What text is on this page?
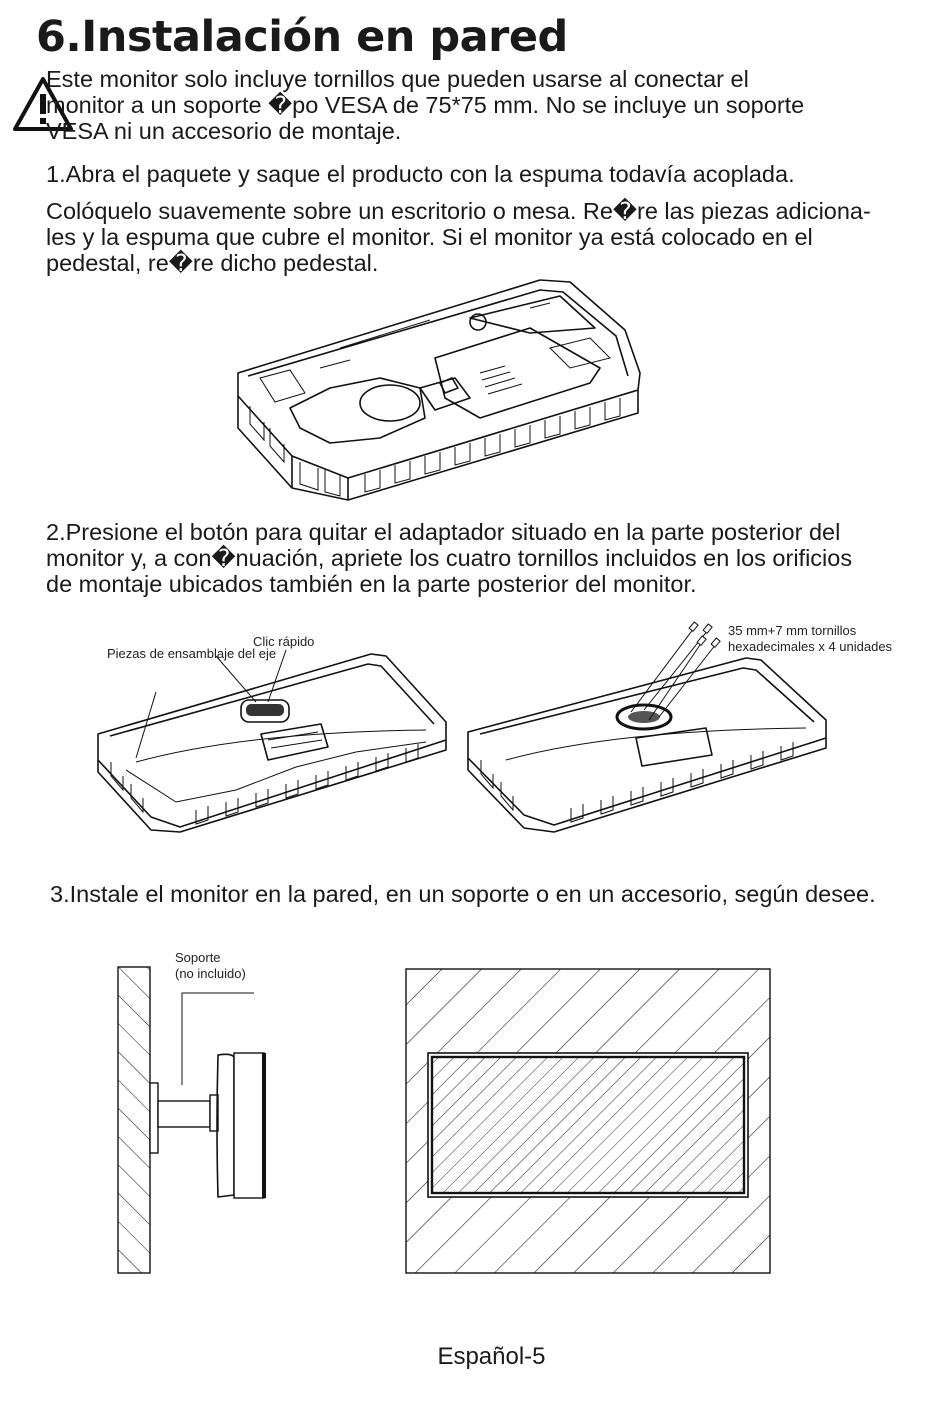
6.Instalación en pared
Este monitor solo incluye tornillos que pueden usarse al conectar el
monitor a un soporte �po VESA de 75*75 mm. No se incluye un soporte
VESA ni un accesorio de montaje.
1.Abra el paquete y saque el producto con la espuma todavía acoplada.
Colóquelo suavemente sobre un escritorio o mesa. Re�re las piezas adiciona-
les y la espuma que cubre el monitor. Si el monitor ya está colocado en el
pedestal, re�re dicho pedestal.
2.Presione el botón para quitar el adaptador situado en la parte posterior del
monitor y, a con�nuación, apriete los cuatro tornillos incluidos en los orificios
de montaje ubicados también en la parte posterior del monitor.
Clic rápido
Piezas de ensamblaje del eje
35 mm+7 mm tornillos
hexadecimales x 4 unidades
3.Instale el monitor en la pared, en un soporte o en un accesorio, según desee.
Soporte
(no incluido)
Español-5
